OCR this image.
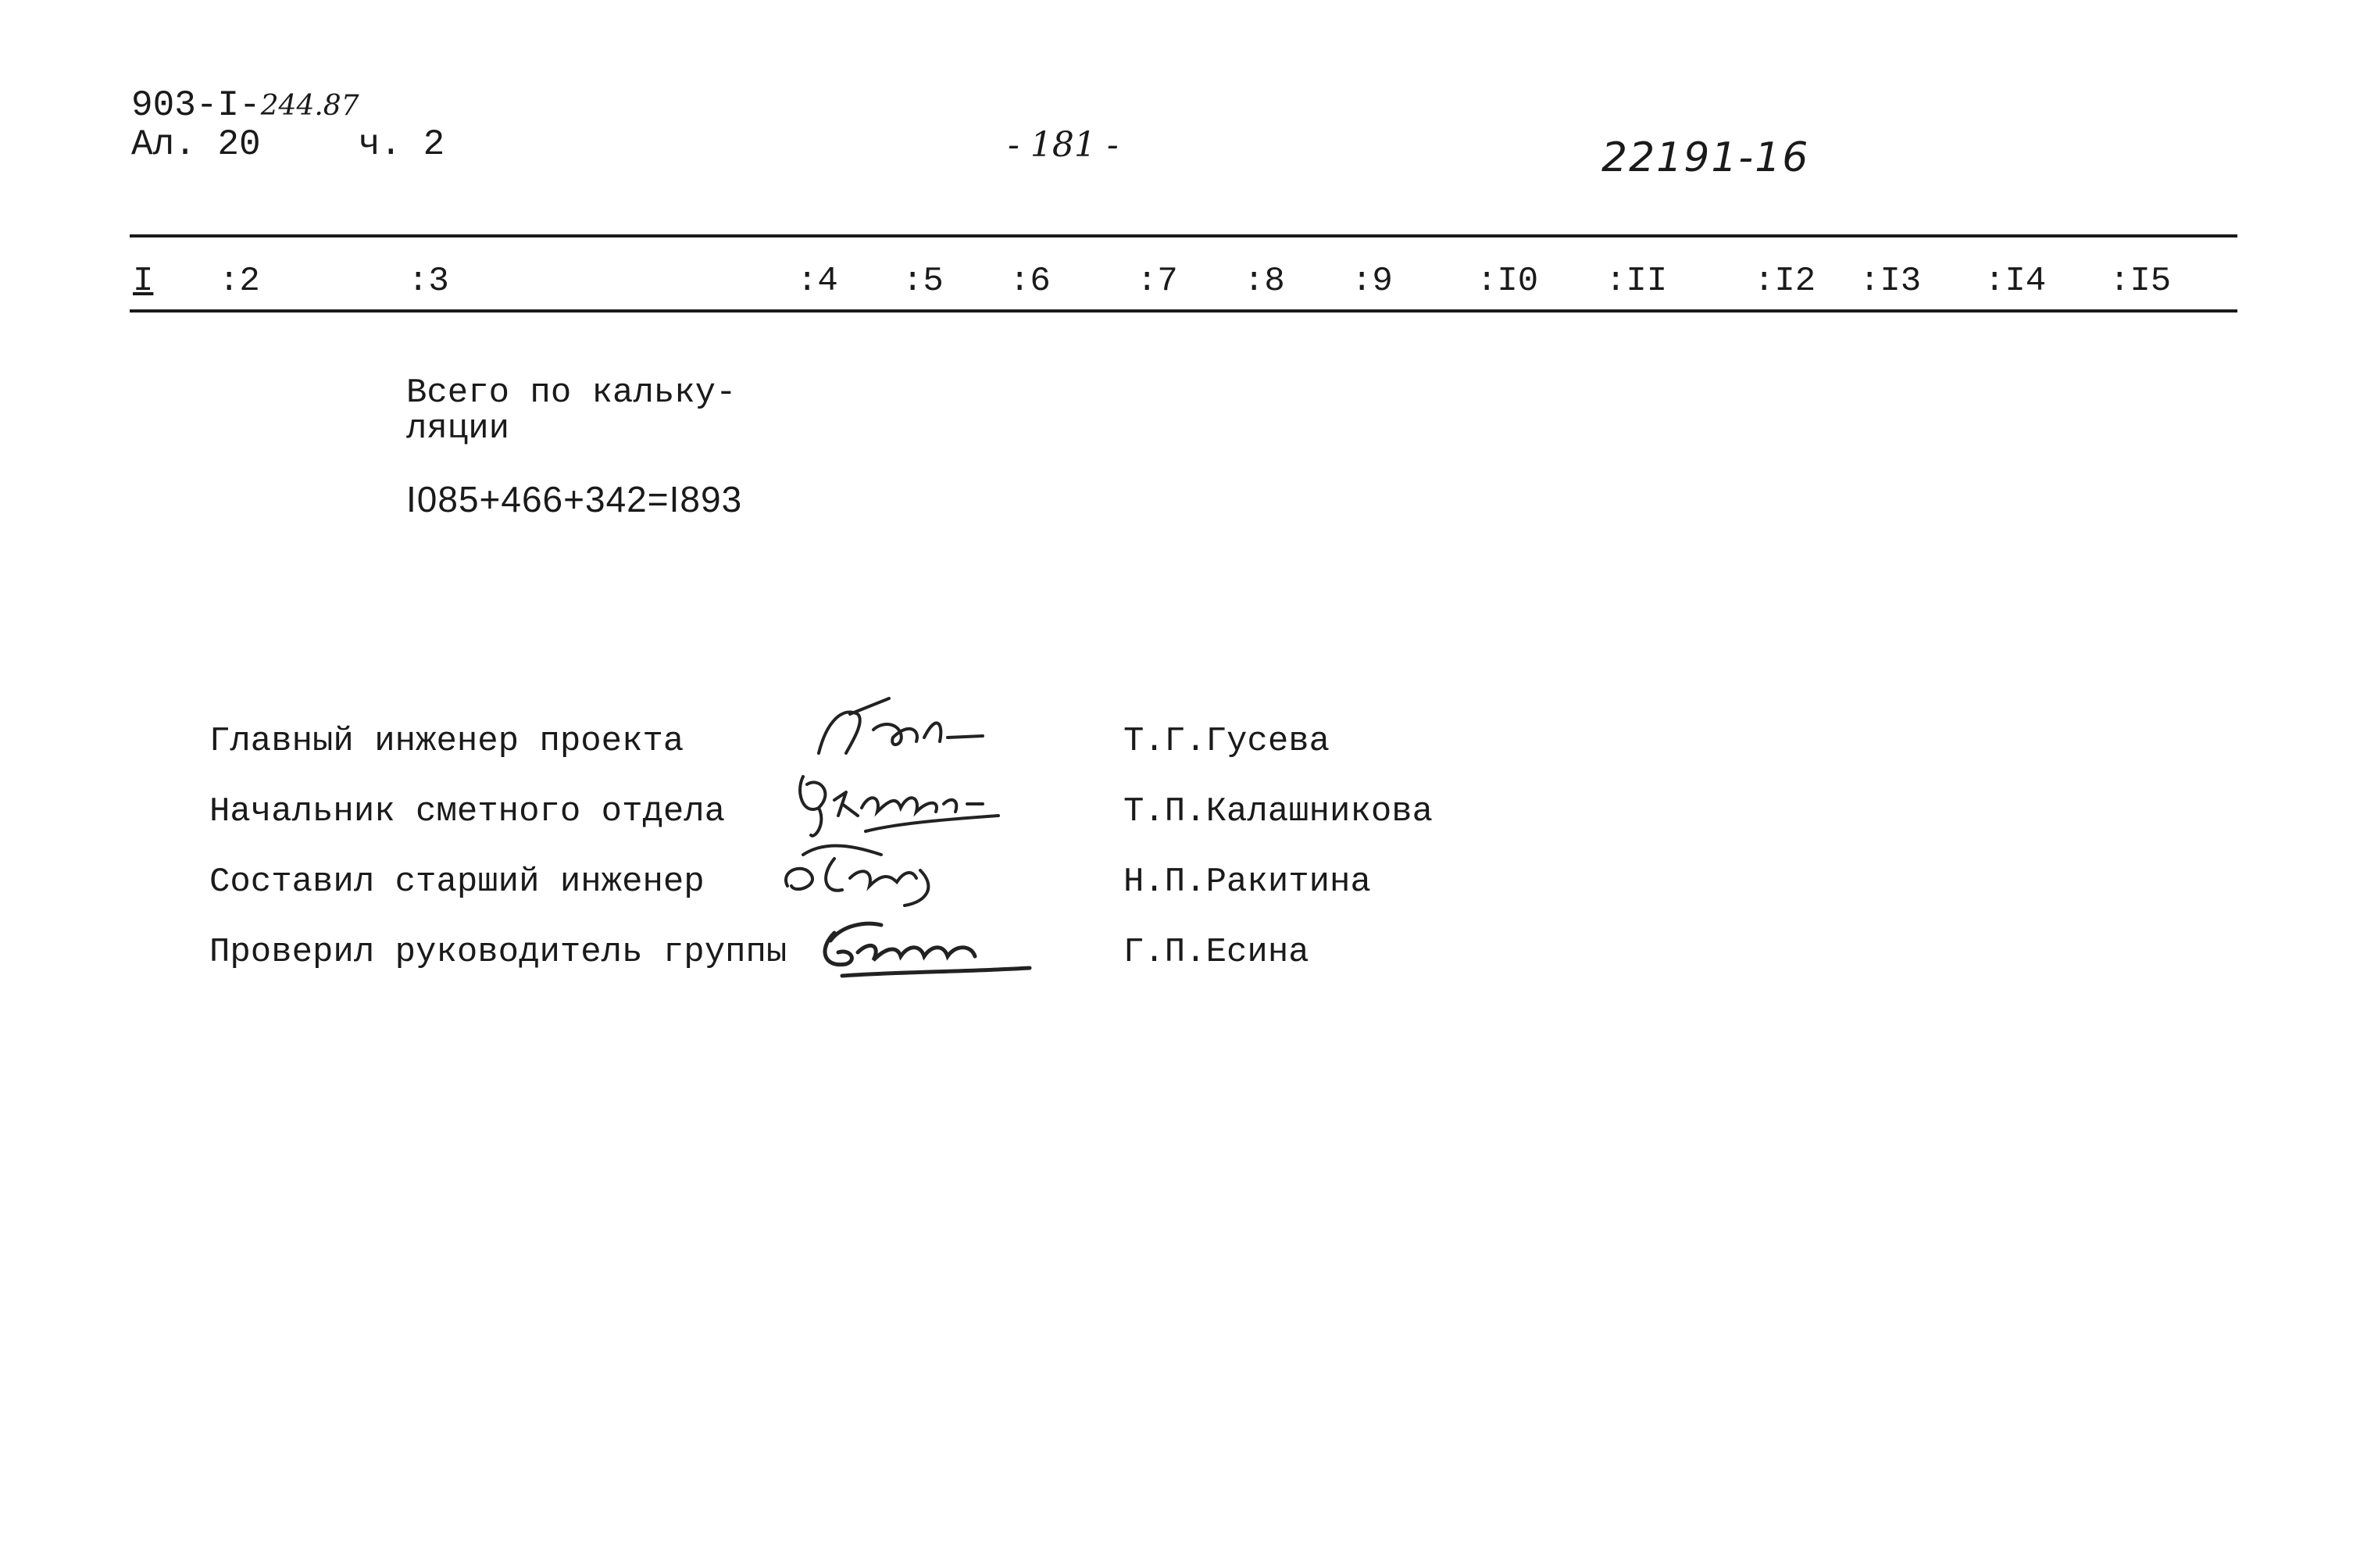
903-I-244.87
Ал. 20	ч. 2	- 181 -	22191-16
I :2	:3	:4 :5 :6	:7 :8 :9 :I0 :II	:I2 :I3 :I4 :I5
Всего по кальку-
ляции
I085+466+342=I893
Главный инженер проекта	Т.Г.Гусева
Начальник сметного отдела	Т.П.Калашникова
Составил старший инженер	Н.П.Ракитина
Проверил руководитель группы	Г.П.Есина
